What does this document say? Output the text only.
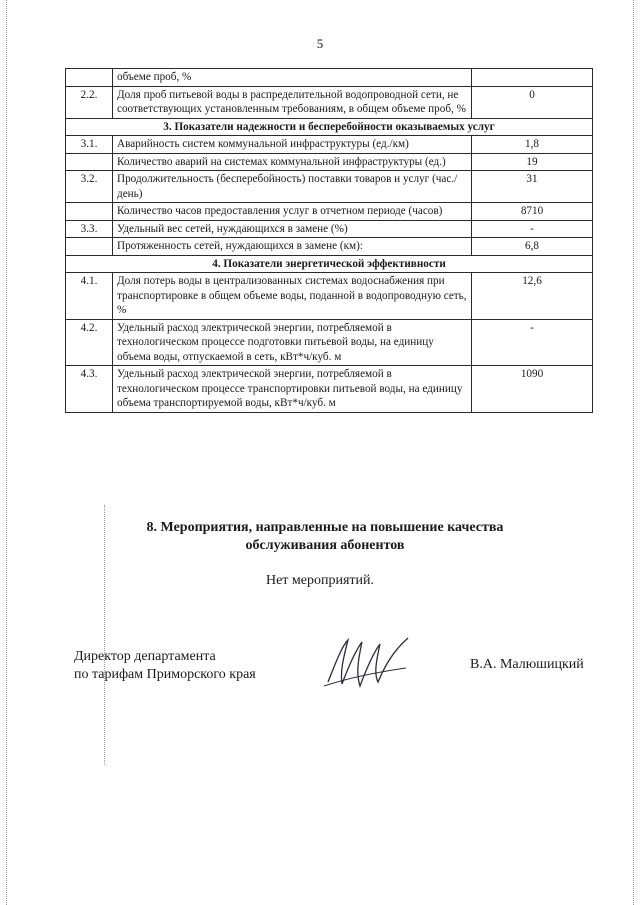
5
	объеме проб, %	
2.2.	Доля проб питьевой воды в распределительной водопроводной сети, не соответствующих установленным требованиям, в общем объеме проб, %	0
3. Показатели надежности и бесперебойности оказываемых услуг		
3.1.	Аварийность систем коммунальной инфраструктуры (ед./км)	1,8
	Количество аварий на системах коммунальной инфраструктуры (ед.)	19
3.2.	Продолжительность (бесперебойность) поставки товаров и услуг (час./день)	31
	Количество часов предоставления услуг в отчетном периоде (часов)	8710
3.3.	Удельный вес сетей, нуждающихся в замене (%)	-
	Протяженность сетей, нуждающихся в замене (км):	6,8
4. Показатели энергетической эффективности		
4.1.	Доля потерь воды в централизованных системах водоснабжения при транспортировке в общем объеме воды, поданной в водопроводную сеть, %	12,6
4.2.	Удельный расход электрической энергии, потребляемой в технологическом процессе подготовки питьевой воды, на единицу объема воды, отпускаемой в сеть, кВт*ч/куб. м	-
4.3.	Удельный расход электрической энергии, потребляемой в технологическом процессе транспортировки питьевой воды, на единицу объема транспортируемой воды, кВт*ч/куб. м	1090
8. Мероприятия, направленные на повышение качества
обслуживания абонентов
Нет мероприятий.
Директор департамента
по тарифам Приморского края
В.А. Малюшицкий
